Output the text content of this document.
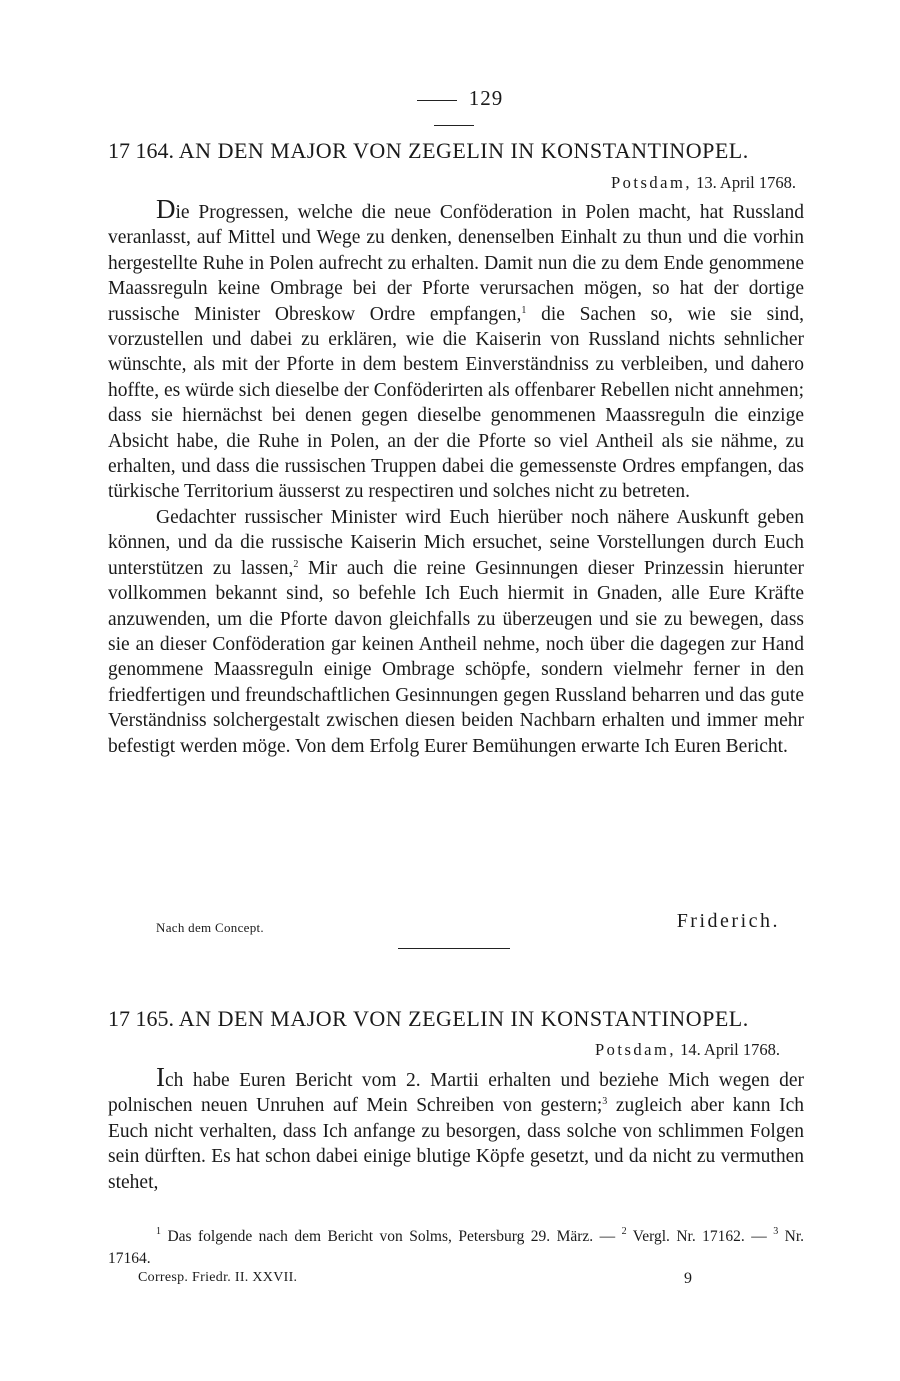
129
17 164. AN DEN MAJOR VON ZEGELIN IN KONSTANTINOPEL.
Potsdam, 13. April 1768.

Die Progressen, welche die neue Conföderation in Polen macht, hat Russland veranlasst, auf Mittel und Wege zu denken, denenselben Einhalt zu thun und die vorhin hergestellte Ruhe in Polen aufrecht zu erhalten. Damit nun die zu dem Ende genommene Maassreguln keine Ombrage bei der Pforte verursachen mögen, so hat der dortige russische Minister Obreskow Ordre empfangen,$^1$ die Sachen so, wie sie sind, vorzustellen und dabei zu erklären, wie die Kaiserin von Russland nichts sehnlicher wünschte, als mit der Pforte in dem bestem Einverständniss zu verbleiben, und dahero hoffte, es würde sich dieselbe der Conföderirten als offenbarer Rebellen nicht annehmen; dass sie hiernächst bei denen gegen dieselbe genommenen Maassreguln die einzige Absicht habe, die Ruhe in Polen, an der die Pforte so viel Antheil als sie nähme, zu erhalten, und dass die russischen Truppen dabei die gemessenste Ordres empfangen, das türkische Territorium äusserst zu respectiren und solches nicht zu betreten.

Gedachter russischer Minister wird Euch hierüber noch nähere Auskunft geben können, und da die russische Kaiserin Mich ersuchet, seine Vorstellungen durch Euch unterstützen zu lassen,$^2$ Mir auch die reine Gesinnungen dieser Prinzessin hierunter vollkommen bekannt sind, so befehle Ich Euch hiermit in Gnaden, alle Eure Kräfte anzuwenden, um die Pforte davon gleichfalls zu überzeugen und sie zu bewegen, dass sie an dieser Conföderation gar keinen Antheil nehme, noch über die dagegen zur Hand genommene Maassreguln einige Ombrage schöpfe, sondern vielmehr ferner in den friedfertigen und freundschaftlichen Gesinnungen gegen Russland beharren und das gute Verständniss solchergestalt zwischen diesen beiden Nachbarn erhalten und immer mehr befestigt werden möge. Von dem Erfolg Eurer Bemühungen erwarte Ich Euren Bericht.

Nach dem Concept.	Friderich.
17 165. AN DEN MAJOR VON ZEGELIN IN KONSTANTINOPEL.
Potsdam, 14. April 1768.

Ich habe Euren Bericht vom 2. Martii erhalten und beziehe Mich wegen der polnischen neuen Unruhen auf Mein Schreiben von gestern;$^3$ zugleich aber kann Ich Euch nicht verhalten, dass Ich anfange zu besorgen, dass solche von schlimmen Folgen sein dürften. Es hat schon dabei einige blutige Köpfe gesetzt, und da nicht zu vermuthen stehet,

$^1$ Das folgende nach dem Bericht von Solms, Petersburg 29. März. — $^2$ Vergl. Nr. 17162. — $^3$ Nr. 17164.

Corresp. Friedr. II. XXVII.	9
